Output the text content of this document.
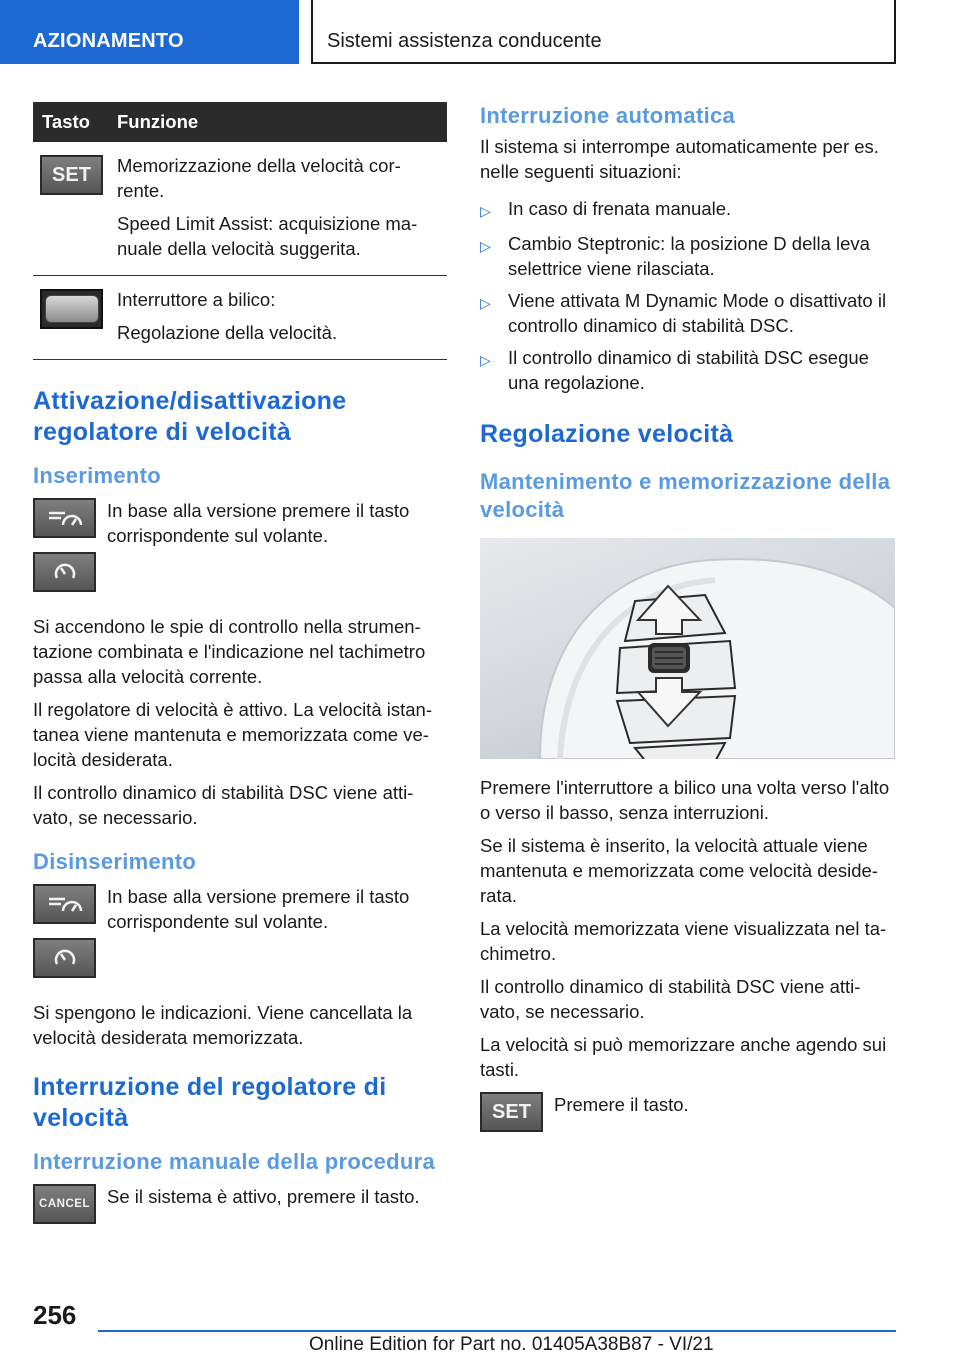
AZIONAMENTO	Sistemi assistenza conducente
Tasto	Funzione

SET	Memorizzazione della velocità cor-rente.

Speed Limit Assist: acquisizione ma-nuale della velocità suggerita.

	Interruttore a bilico:

Regolazione della velocità.

Attivazione/disattivazione regolatore di velocità
Inserimento

In base alla versione premere il tasto corrispondente sul volante.

Si accendono le spie di controllo nella strumen-tazione combinata e l'indicazione nel tachimetro passa alla velocità corrente.

Il regolatore di velocità è attivo. La velocità istan-tanea viene mantenuta e memorizzata come ve-locità desiderata.

Il controllo dinamico di stabilità DSC viene atti-vato, se necessario.

Disinserimento

In base alla versione premere il tasto corrispondente sul volante.

Si spengono le indicazioni. Viene cancellata la velocità desiderata memorizzata.

Interruzione del regolatore di velocità
Interruzione manuale della procedura
CANCEL Se il sistema è attivo, premere il tasto.

Interruzione automatica

Il sistema si interrompe automaticamente per es. nelle seguenti situazioni:

▷ In caso di frenata manuale.
▷ Cambio Steptronic: la posizione D della leva selettrice viene rilasciata.
▷ Viene attivata M Dynamic Mode o disattivato il controllo dinamico di stabilità DSC.
▷ Il controllo dinamico di stabilità DSC esegue una regolazione.
Regolazione velocità
Mantenimento e memorizzazione della velocità

Premere l'interruttore a bilico una volta verso l'alto o verso il basso, senza interruzioni.

Se il sistema è inserito, la velocità attuale viene mantenuta e memorizzata come velocità deside-rata.

La velocità memorizzata viene visualizzata nel ta-chimetro.

Il controllo dinamico di stabilità DSC viene atti-vato, se necessario.

La velocità si può memorizzare anche agendo sui tasti.

SET	Premere il tasto.

256
Online Edition for Part no. 01405A38B87 - VI/21
